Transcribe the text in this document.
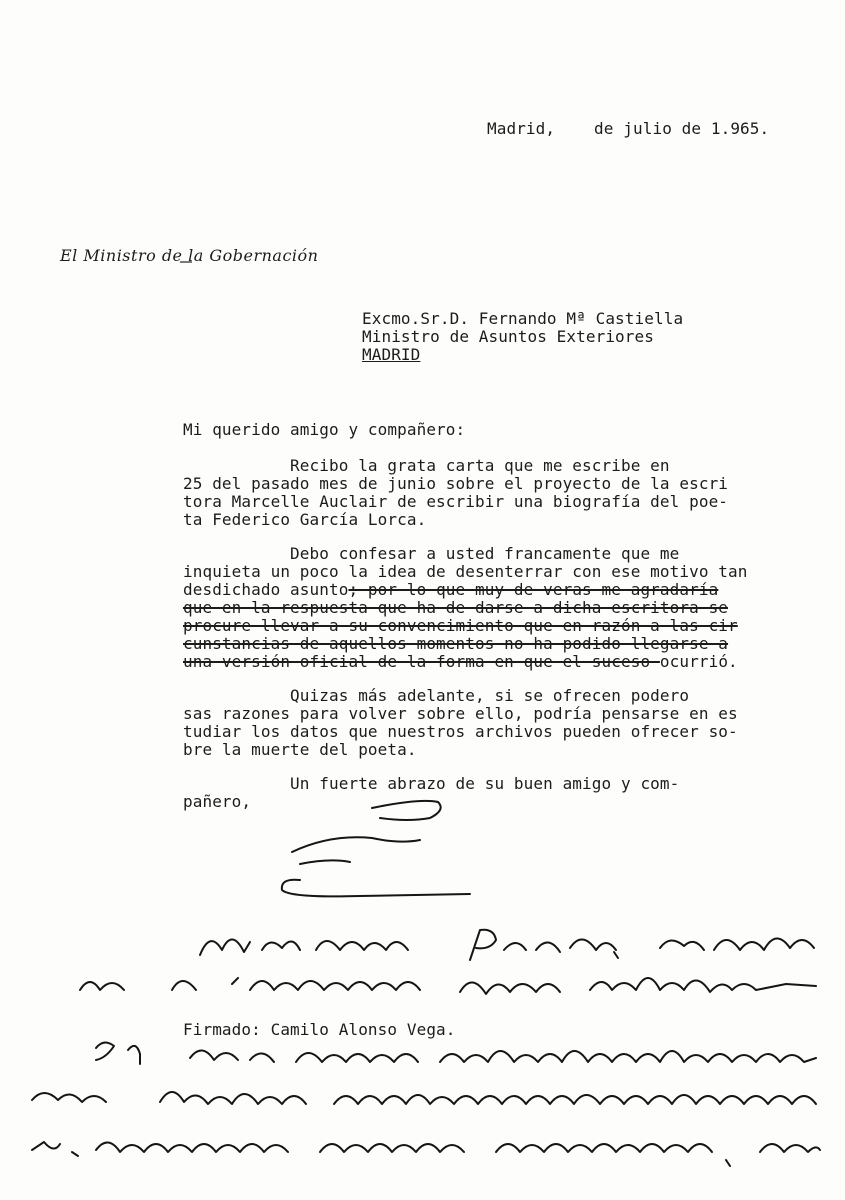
Madrid,    de julio de 1.965.
El Ministro de la Gobernación
Excmo.Sr.D. Fernando Mª Castiella
Ministro de Asuntos Exteriores
MADRID
Mi querido amigo y compañero:
Recibo la grata carta que me escribe en
25 del pasado mes de junio sobre el proyecto de la escri
tora Marcelle Auclair de escribir una biografía del poe-
ta Federico García Lorca.
Debo confesar a usted francamente que me
inquieta un poco la idea de desenterrar con ese motivo tan
desdichado asunto; por lo que muy de veras me agradaría
que en la respuesta que ha de darse a dicha escritora se
procure llevar a su convencimiento que en razón a las cir
cunstancias de aquellos momentos no ha podido llegarse a
una versión oficial de la forma en que el suceso ocurrió.
Quizas más adelante, si se ofrecen podero
sas razones para volver sobre ello, podría pensarse en es
tudiar los datos que nuestros archivos pueden ofrecer so-
bre la muerte del poeta.
Un fuerte abrazo de su buen amigo y com-
pañero,
Firmado: Camilo Alonso Vega.
